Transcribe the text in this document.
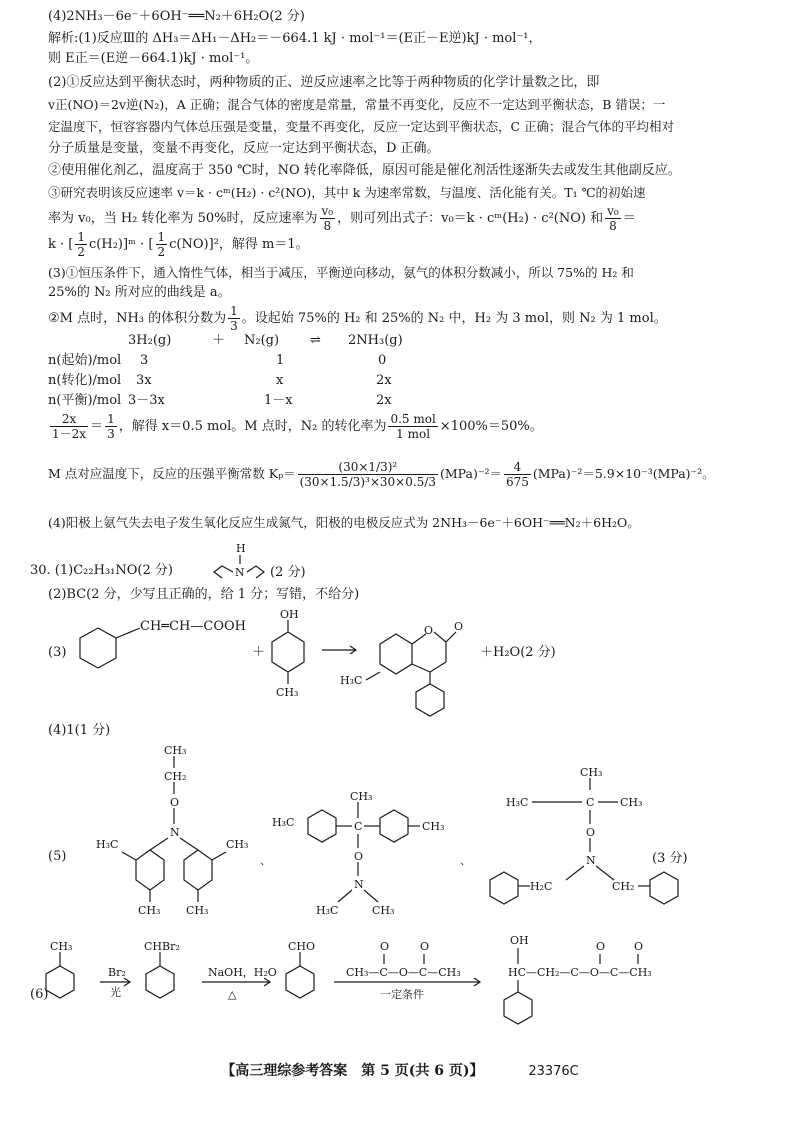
(4)2NH₃－6e⁻＋6OH⁻══N₂＋6H₂O(2 分)
解析:(1)反应Ⅲ的 ΔH₃＝ΔH₁－ΔH₂＝－664.1 kJ · mol⁻¹＝(E正－E逆)kJ · mol⁻¹，
则 E正＝(E逆－664.1)kJ · mol⁻¹。
(2)①反应达到平衡状态时，两种物质的正、逆反应速率之比等于两种物质的化学计量数之比，即
v正(NO)＝2v逆(N₂)，A 正确；混合气体的密度是常量，常量不再变化，反应不一定达到平衡状态，B 错误；一
定温度下，恒容容器内气体总压强是变量，变量不再变化，反应一定达到平衡状态，C 正确；混合气体的平均相对
分子质量是变量，变量不再变化，反应一定达到平衡状态，D 正确。
②使用催化剂乙，温度高于 350 ℃时，NO 转化率降低，原因可能是催化剂活性逐渐失去或发生其他副反应。
③研究表明该反应速率 v＝k · cᵐ(H₂) · c²(NO)，其中 k 为速率常数，与温度、活化能有关。T₁ ℃的初始速
率为 v₀，当 H₂ 转化率为 50%时，反应速率为 $\frac{\text{v₀}}{8}$ ，则可列出式子：v₀＝k · cᵐ(H₂) · c²(NO) 和 $\frac{\text{v₀}}{8}$ ＝
k · [ $\frac{1}{2}$ c(H₂)]ᵐ · [ $\frac{1}{2} c(NO)]^2$，解得 m＝1。
(3)①恒压条件下，通入惰性气体，相当于减压，平衡逆向移动，氨气的体积分数减小，所以 75%的 H₂ 和
25%的 N₂ 所对应的曲线是 a。
②M 点时，NH₃ 的体积分数为 $\frac{1}{3}$ 。设起始 75%的 H₂ 和 25%的 N₂ 中，H₂ 为 3 mol，则 N₂ 为 1 mol。
3H₂(g)	＋ N₂(g) ⇌ 2NH₃(g)
n(起始)/mol 3	1	0
n(转化)/mol 3x	x	2x
n(平衡)/mol 3－3x	1－x	2x
$\frac{2x}{1-2x} = \frac{1}{3}$ ，解得 x＝0.5 mol。M 点时，N₂ 的转化率为 $\frac{\text{0.5 mol}}{\text{1 mol}} \times 100\%=50\%$。
M 点对应温度下，反应的压强平衡常数 $K_p= \frac{\text{(30×1/3)²}}{\text{(30×1.5/3)³×30×0.5/3}} (MPa)^{-2}= \frac{4}{675} (MPa)^{-2}=5.9\times 10^{-3}(MPa)^{-2}$。
(4)阳极上氨气失去电子发生氧化反应生成氮气，阳极的电极反应式为 2NH₃－6e⁻＋6OH⁻══N₂＋6H₂O。
30. (1)C₂₂H₃₁NO(2 分)
H
N (2 分)
(2)BC(2 分，少写且正确的，给 1 分；写错，不给分)
(3)
CH═CH—COOH
＋
OH
CH₃
H₃C
O O
＋H₂O(2 分)
(4)1(1 分)
(5)
CH₃
CH₂
O
N
H₃C	CH₃
CH₃ CH₃
、
H₃C
CH₃
C	CH₃
O
N
H₃C	CH₃
、
CH₃
H₃C	C CH₃
O
N
H₂C	CH₂
(3 分)
(6)
CH₃
Br₂
光
CHBr₂
NaOH，H₂O
△
CHO	O	O
CH₃—C—O—C—CH₃
一定条件
OH	O	O
HC—CH₂—C—O—C—CH₃
【高三理综参考答案　第 5 页(共 6 页)】	23376C
